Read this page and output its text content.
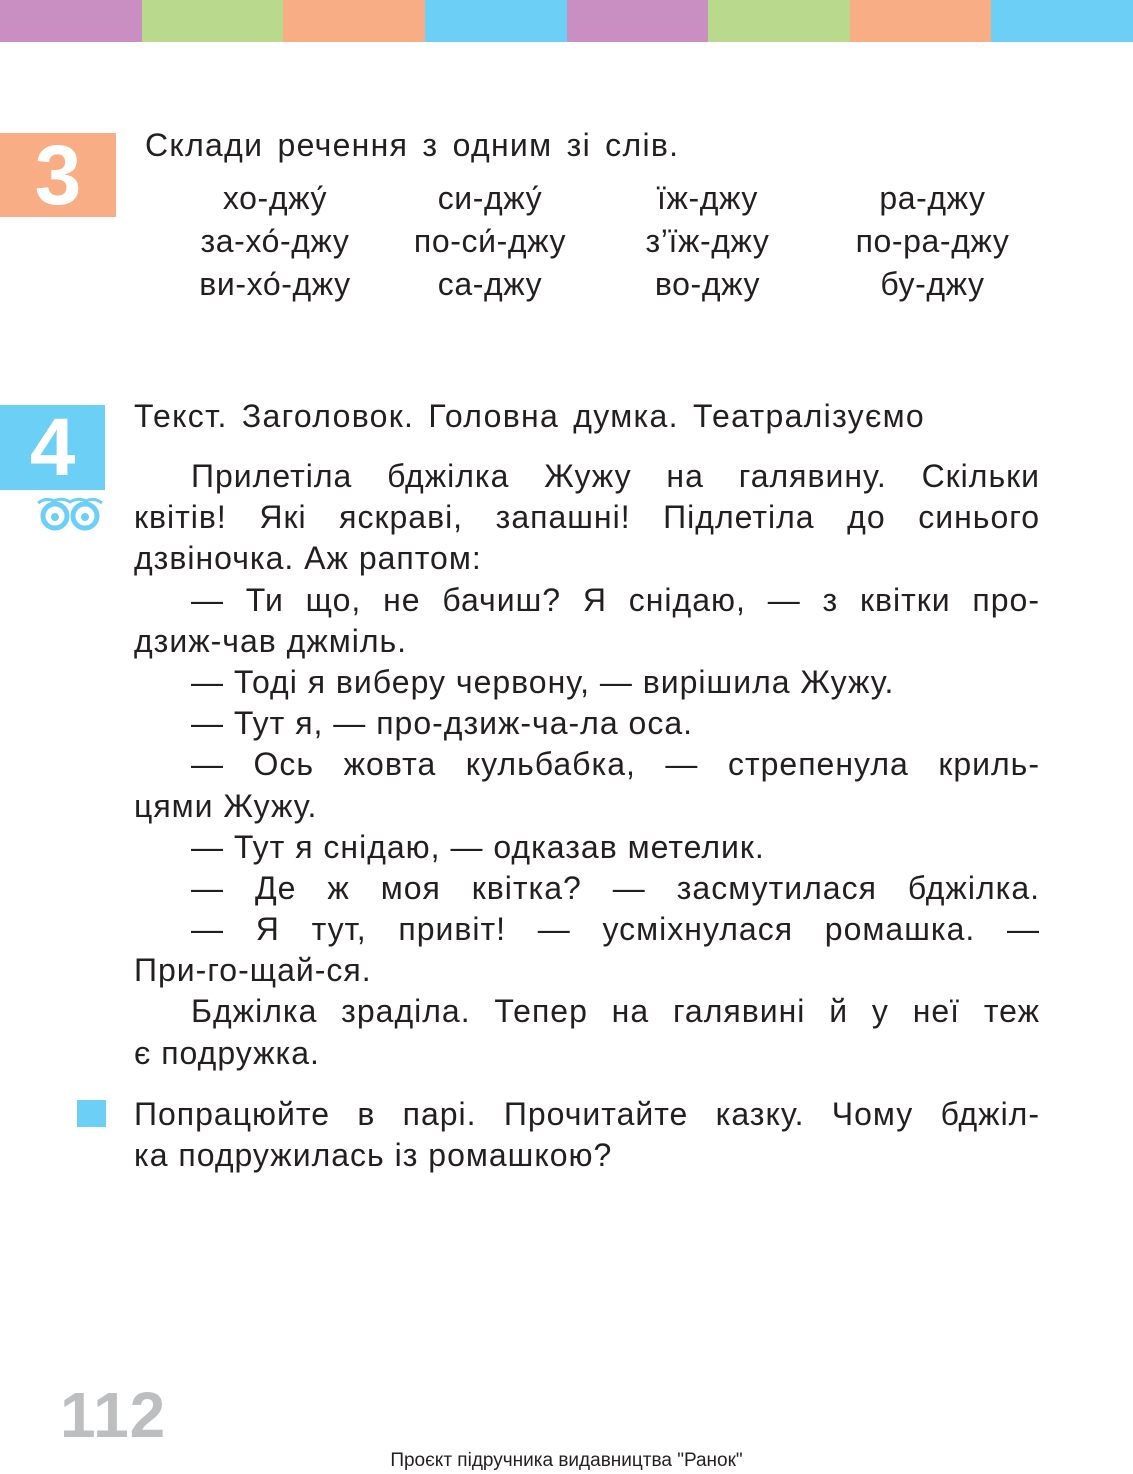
3	Склади речення з одним зі слів.
хо-джу́	си-джу́	їж-джу	ра-джу
за-хо́-джу	по-си́-джу	з’їж-джу	по-ра-джу
ви-хо́-джу	са-джу	во-джу	бу-джу
4	Текст. Заголовок. Головна думка. Театралізуємо
Прилетіла бджілка Жужу на галявину. Скільки
квітів! Які яскраві, запашні! Підлетіла до синього
дзвіночка. Аж раптом:
— Ти що, не бачиш? Я снідаю, — з квітки про-
дзиж-чав джміль.
— Тоді я виберу червону, — вирішила Жужу.
— Тут я, — про-дзиж-ча-ла оса.
— Ось жовта кульбабка, — стрепенула криль-
цями Жужу.
— Тут я снідаю, — одказав метелик.
— Де ж моя квітка? — засмутилася бджілка.
— Я тут, привіт! — усміхнулася ромашка. —
При-го-щай-ся.
Бджілка зраділа. Тепер на галявині й у неї теж
є подружка.
Попрацюйте в парі. Прочитайте казку. Чому бджіл-
ка подружилась із ромашкою?
112
Проєкт підручника видавництва "Ранок"
